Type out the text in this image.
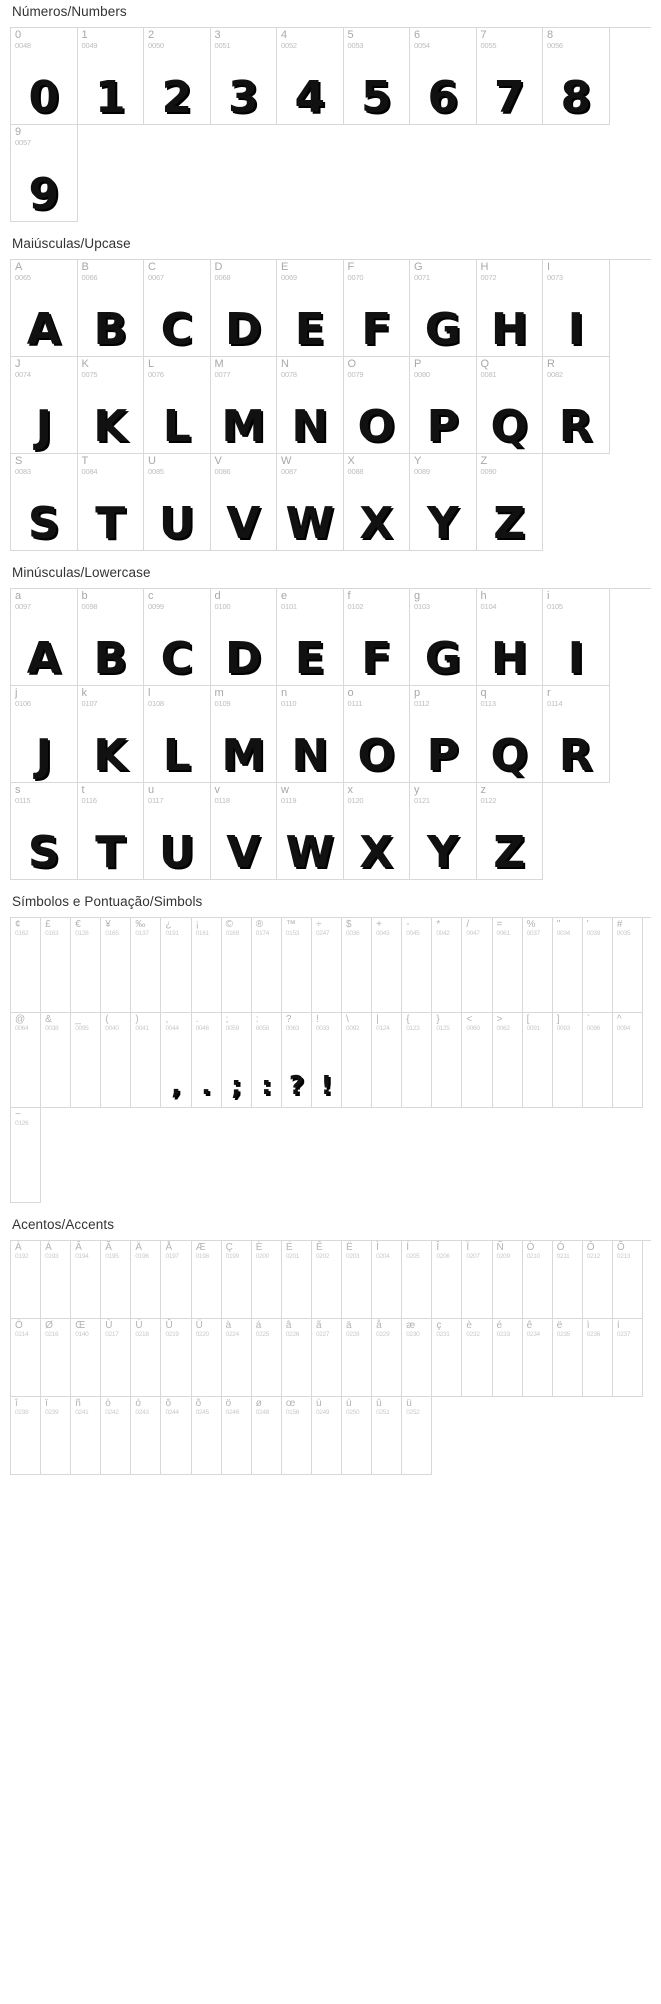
Números/Numbers
0
0048
0
1
0049
1
2
0050
2
3
0051
3
4
0052
4
5
0053
5
6
0054
6
7
0055
7
8
0056
8
9
0057
9
Maiúsculas/Upcase
A
0065
A
B
0066
B
C
0067
C
D
0068
D
E
0069
E
F
0070
F
G
0071
G
H
0072
H
I
0073
I
J
0074
J
K
0075
K
L
0076
L
M
0077
M
N
0078
N
O
0079
O
P
0080
P
Q
0081
Q
R
0082
R
S
0083
S
T
0084
T
U
0085
U
V
0086
V
W
0087
W
X
0088
X
Y
0089
Y
Z
0090
Z
Minúsculas/Lowercase
a
0097
A
b
0098
B
c
0099
C
d
0100
D
e
0101
E
f
0102
F
g
0103
G
h
0104
H
i
0105
I
j
0106
J
k
0107
K
l
0108
L
m
0109
M
n
0110
N
o
0111
O
p
0112
P
q
0113
Q
r
0114
R
s
0115
S
t
0116
T
u
0117
U
v
0118
V
w
0119
W
x
0120
X
y
0121
Y
z
0122
Z
Símbolos e Pontuação/Simbols
¢
0162
£
0163
€
0128
¥
0165
‰
0137
¿
0191
¡
0161
©
0169
®
0174
™
0153
÷
0247
$
0036
+
0043
-
0045
*
0042
/
0047
=
0061
%
0037
"
0034
'
0039
#
0035
@
0064
&
0038
_
0095
(
0040
)
0041
,
0044
,
.
0046
.
;
0059
;
:
0058
:
?
0063
?
!
0033
!
\
0092
|
0124
{
0123
}
0125
<
0060
>
0062
[
0091
]
0093
`
0096
^
0094
~
0126
Acentos/Accents
À
0192
Á
0193
Â
0194
Ã
0195
Ä
0196
Å
0197
Æ
0198
Ç
0199
È
0200
É
0201
Ê
0202
Ë
0203
Ì
0204
Í
0205
Î
0206
Ï
0207
Ñ
0209
Ò
0210
Ó
0211
Ô
0212
Õ
0213
Ö
0214
Ø
0216
Œ
0140
Ù
0217
Ú
0218
Û
0219
Ü
0220
à
0224
á
0225
â
0226
ã
0227
ä
0228
å
0229
æ
0230
ç
0231
è
0232
é
0233
ê
0234
ë
0235
ì
0236
í
0237
î
0238
ï
0239
ñ
0241
ò
0242
ó
0243
ô
0244
õ
0245
ö
0246
ø
0248
œ
0156
ù
0249
ú
0250
û
0251
ü
0252
